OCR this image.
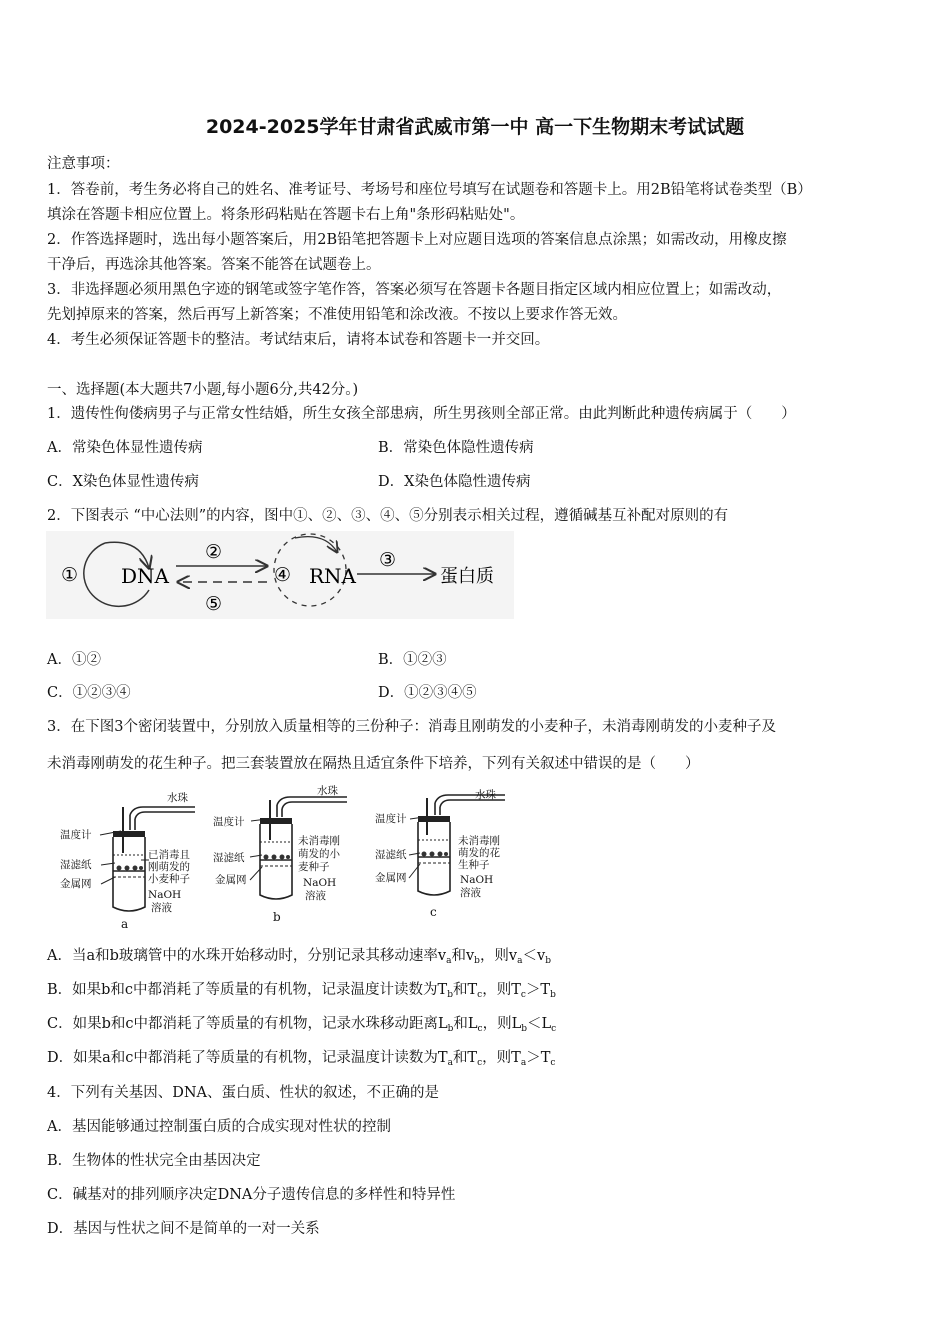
2024-2025学年甘肃省武威市第一中 高一下生物期末考试试题
注意事项：
1．答卷前，考生务必将自己的姓名、准考证号、考场号和座位号填写在试题卷和答题卡上。用2B铅笔将试卷类型（B）
填涂在答题卡相应位置上。将条形码粘贴在答题卡右上角"条形码粘贴处"。
2．作答选择题时，选出每小题答案后，用2B铅笔把答题卡上对应题目选项的答案信息点涂黑；如需改动，用橡皮擦
干净后，再选涂其他答案。答案不能答在试题卷上。
3．非选择题必须用黑色字迹的钢笔或签字笔作答，答案必须写在答题卡各题目指定区域内相应位置上；如需改动，
先划掉原来的答案，然后再写上新答案；不准使用铅笔和涂改液。不按以上要求作答无效。
4．考生必须保证答题卡的整洁。考试结束后，请将本试卷和答题卡一并交回。
一、选择题(本大题共7小题,每小题6分,共42分。)
1．遗传性佝偻病男子与正常女性结婚，所生女孩全部患病，所生男孩则全部正常。由此判断此种遗传病属于（　　）
A．常染色体显性遗传病	B．常染色体隐性遗传病
C．X染色体显性遗传病	D．X染色体隐性遗传病
2．下图表示 “中心法则”的内容，图中①、②、③、④、⑤分别表示相关过程，遵循碱基互补配对原则的有
① DNA
②
⑤
④ RNA
③
蛋白质
A．①②	B．①②③
C．①②③④	D．①②③④⑤
3．在下图3个密闭装置中，分别放入质量相等的三份种子：消毒且刚萌发的小麦种子，未消毒刚萌发的小麦种子及
未消毒刚萌发的花生种子。把三套装置放在隔热且适宜条件下培养，下列有关叙述中错误的是（　　）
温度计
水珠
湿滤纸
金属网
已消毒且
刚萌发的
小麦种子
NaOH
溶液
a
温度计
水珠
湿滤纸
金属网
未消毒刚
萌发的小
麦种子
NaOH
溶液
b
温度计
水珠
湿滤纸
金属网
未消毒刚
萌发的花
生种子
NaOH
溶液
c
A．当a和b玻璃管中的水珠开始移动时，分别记录其移动速率$v_a$和$v_b$，则$v_a<v_b$
B．如果b和c中都消耗了等质量的有机物，记录温度计读数为$T_b$和$T_c$，则$T_c>T_b$
C．如果b和c中都消耗了等质量的有机物，记录水珠移动距离$L_b$和$L_c$，则$L_b<L_c$
D．如果a和c中都消耗了等质量的有机物，记录温度计读数为$T_a$和$T_c$，则$T_a>T_c$
4．下列有关基因、DNA、蛋白质、性状的叙述，不正确的是
A．基因能够通过控制蛋白质的合成实现对性状的控制
B．生物体的性状完全由基因决定
C．碱基对的排列顺序决定DNA分子遗传信息的多样性和特异性
D．基因与性状之间不是简单的一对一关系
